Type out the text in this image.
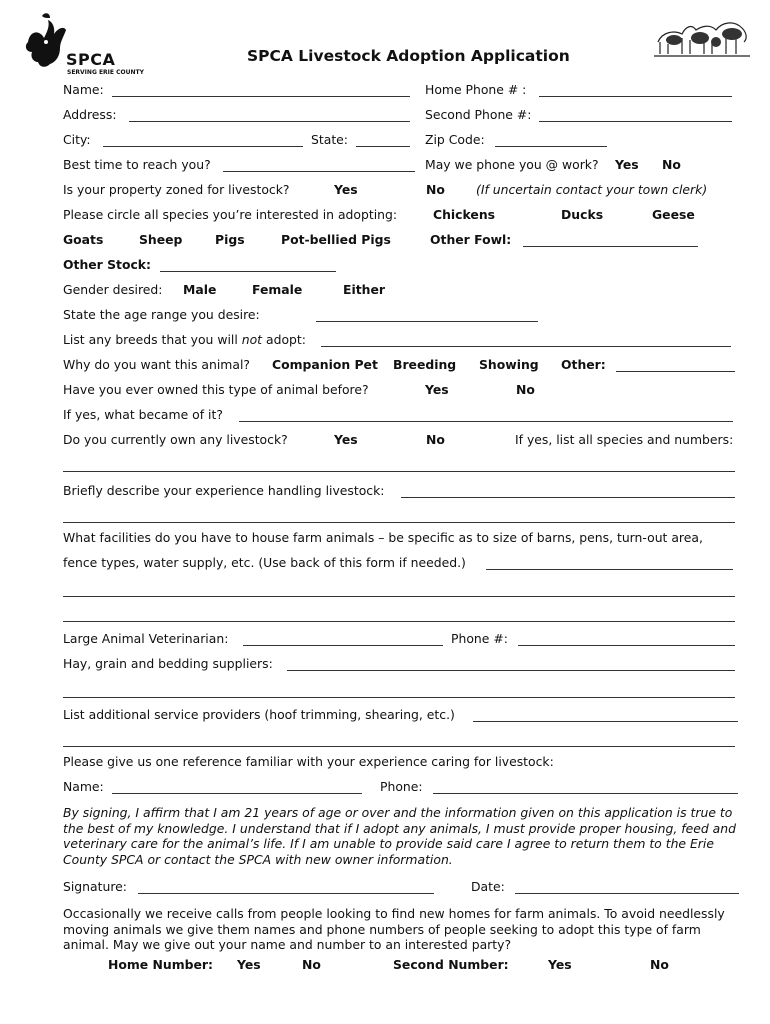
SPCA
SERVING ERIE COUNTY
SPCA Livestock Adoption Application
Name:	Home Phone # :
Address:	Second Phone #:
City:	State:	Zip Code:
Best time to reach you?	May we phone you @ work? Yes No
Is your property zoned for livestock?	Yes	No	(If uncertain contact your town clerk)
Please circle all species you’re interested in adopting:	Chickens	Ducks	Geese
Goats	Sheep	Pigs	Pot-bellied Pigs	Other Fowl:
Other Stock:
Gender desired: Male	Female	Either
State the age range you desire:
List any breeds that you will not adopt:
Why do you want this animal? Companion Pet Breeding Showing Other:
Have you ever owned this type of animal before?	Yes	No
If yes, what became of it?
Do you currently own any livestock?	Yes	No	If yes, list all species and numbers:
Briefly describe your experience handling livestock:
What facilities do you have to house farm animals – be specific as to size of barns, pens, turn-out area,
fence types, water supply, etc. (Use back of this form if needed.)
Large Animal Veterinarian:	Phone #:
Hay, grain and bedding suppliers:
List additional service providers (hoof trimming, shearing, etc.)
Please give us one reference familiar with your experience caring for livestock:
Name:	Phone:
By signing, I affirm that I am 21 years of age or over and the information given on this application is true to the best of my knowledge. I understand that if I adopt any animals, I must provide proper housing, feed and veterinary care for the animal’s life. If I am unable to provide said care I agree to return them to the Erie County SPCA or contact the SPCA with new owner information.
Signature:	Date:
Occasionally we receive calls from people looking to find new homes for farm animals. To avoid needlessly moving animals we give them names and phone numbers of people seeking to adopt this type of farm animal. May we give out your name and number to an interested party?
Home Number: Yes	No	Second Number:	Yes	No
